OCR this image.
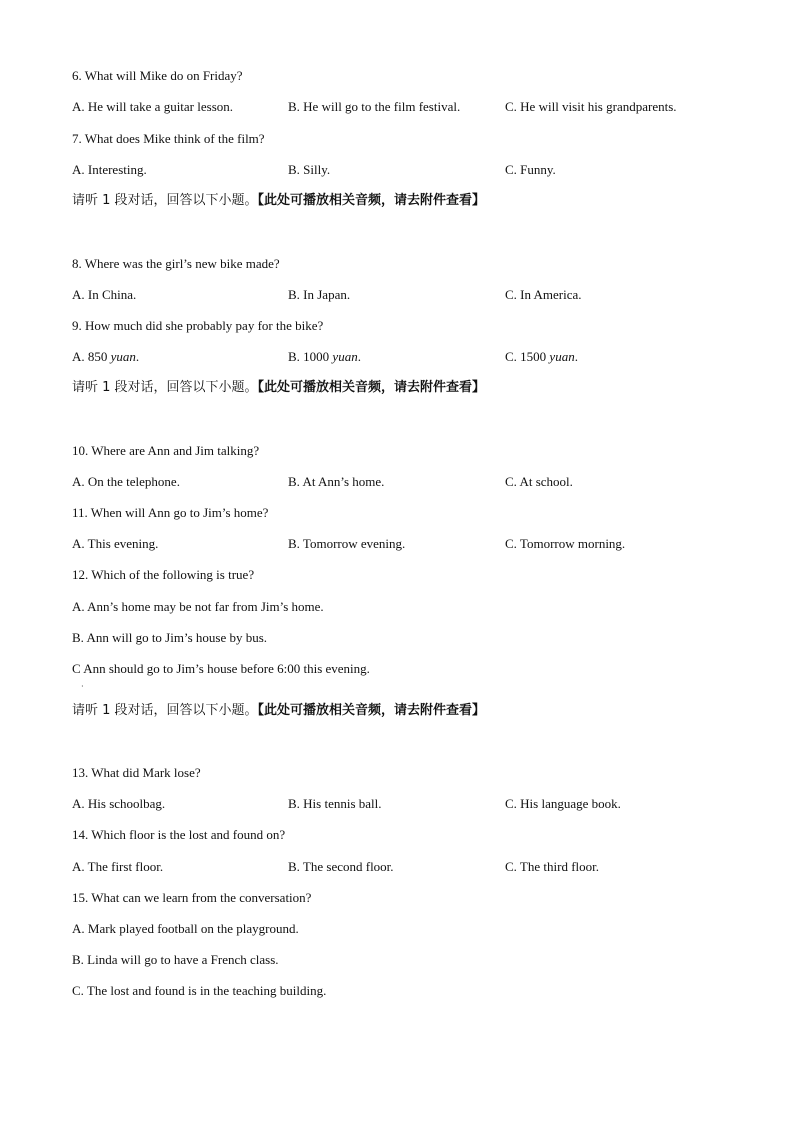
6. What will Mike do on Friday?
A. He will take a guitar lesson.	B. He will go to the film festival.	C. He will visit his grandparents.
7. What does Mike think of the film?
A. Interesting.	B. Silly.	C. Funny.
请听 1 段对话，回答以下小题。【此处可播放相关音频，请去附件查看】
8. Where was the girl’s new bike made?
A. In China.	B. In Japan.	C. In America.
9. How much did she probably pay for the bike?
A. 850 yuan.	B. 1000 yuan.	C. 1500 yuan.
请听 1 段对话，回答以下小题。【此处可播放相关音频，请去附件查看】
10. Where are Ann and Jim talking?
A. On the telephone.	B. At Ann’s home.	C. At school.
11. When will Ann go to Jim’s home?
A. This evening.	B. Tomorrow evening.	C. Tomorrow morning.
12. Which of the following is true?
A. Ann’s home may be not far from Jim’s home.
B. Ann will go to Jim’s house by bus.
C Ann should go to Jim’s house before 6:00 this evening.
·
请听 1 段对话，回答以下小题。【此处可播放相关音频，请去附件查看】
13. What did Mark lose?
A. His schoolbag.	B. His tennis ball.	C. His language book.
14. Which floor is the lost and found on?
A. The first floor.	B. The second floor.	C. The third floor.
15. What can we learn from the conversation?
A. Mark played football on the playground.
B. Linda will go to have a French class.
C. The lost and found is in the teaching building.
